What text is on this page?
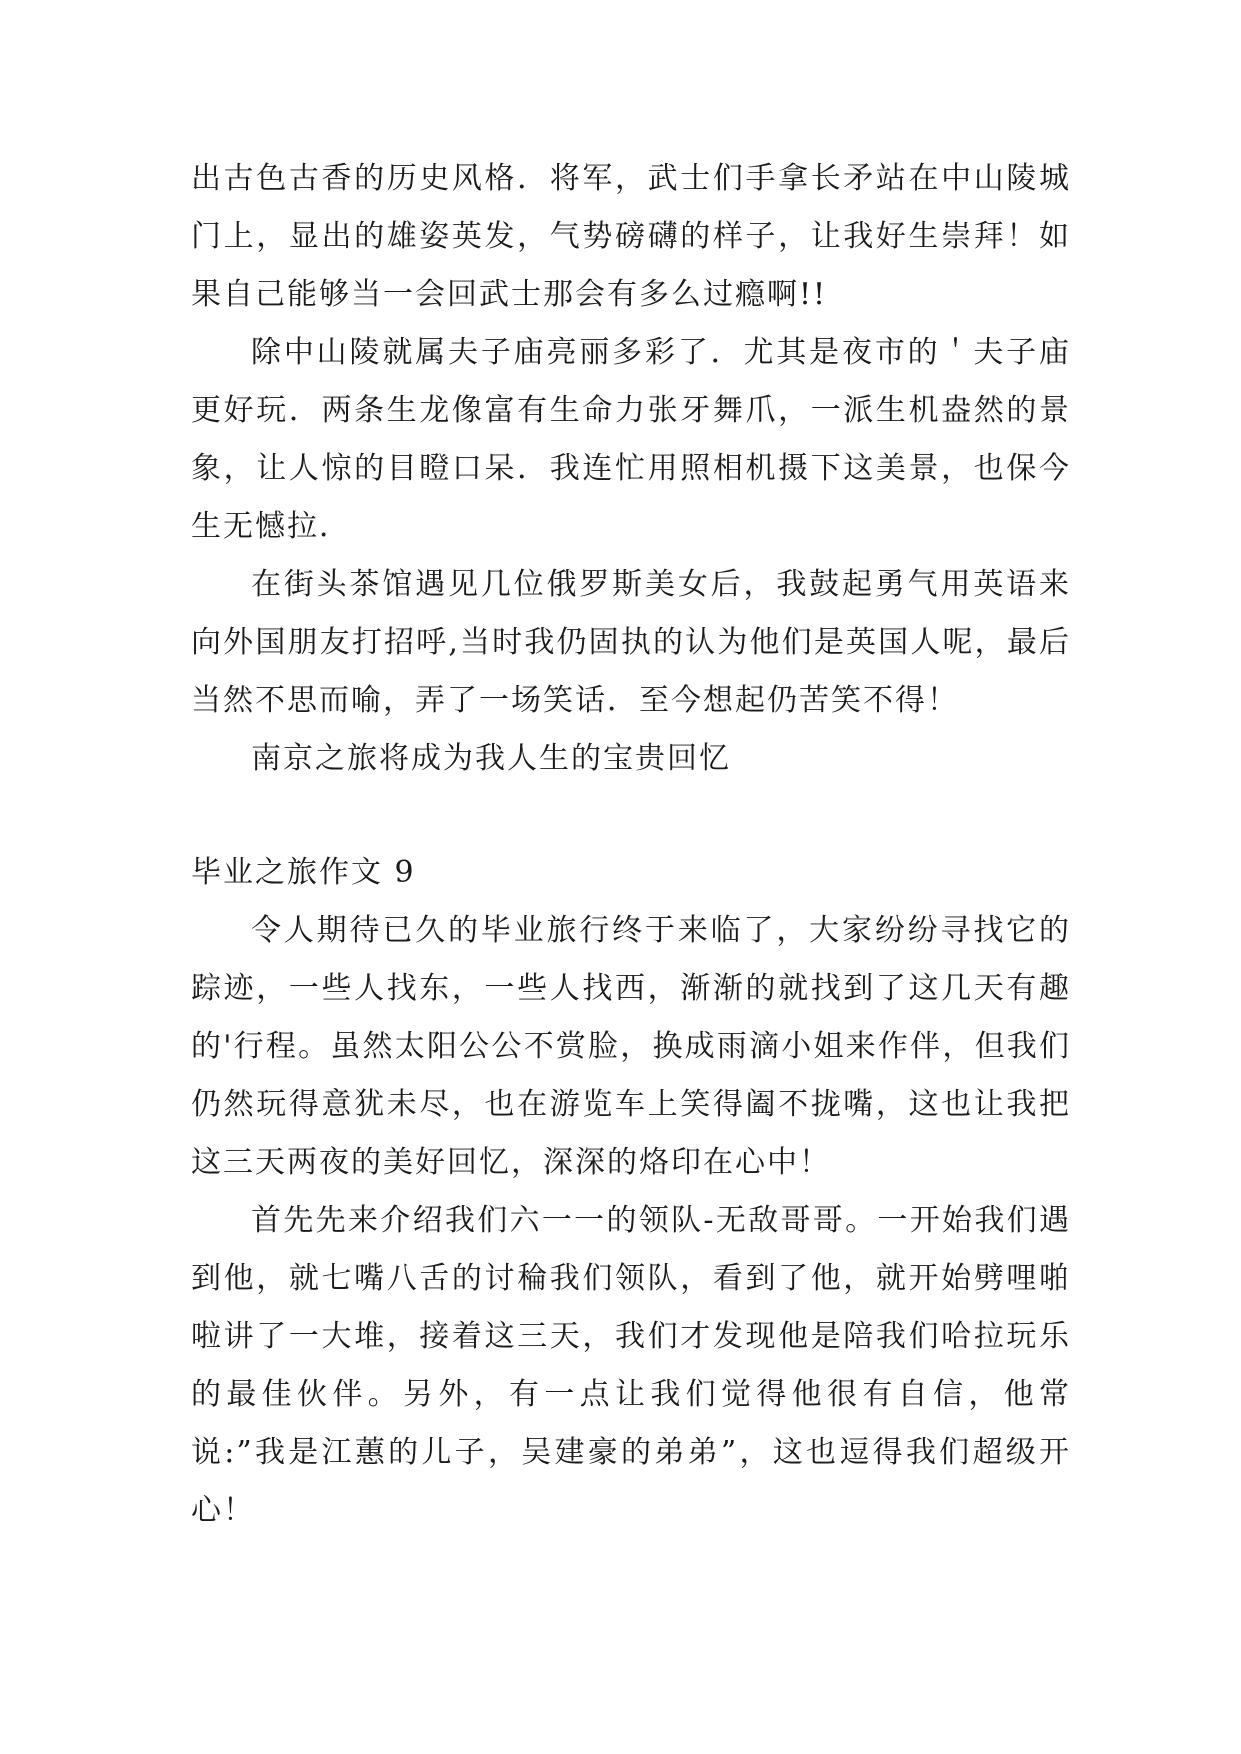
出古色古香的历史风格．将军，武士们手拿长矛站在中山陵城门上，显出的雄姿英发，气势磅礴的样子，让我好生崇拜！如果自己能够当一会回武士那会有多么过瘾啊!!

除中山陵就属夫子庙亮丽多彩了．尤其是夜市的＇夫子庙更好玩．两条生龙像富有生命力张牙舞爪，一派生机盎然的景象，让人惊的目瞪口呆．我连忙用照相机摄下这美景，也保今生无憾拉．

在街头茶馆遇见几位俄罗斯美女后，我鼓起勇气用英语来向外国朋友打招呼,当时我仍固执的认为他们是英国人呢，最后当然不思而喻，弄了一场笑话．至今想起仍苦笑不得！

南京之旅将成为我人生的宝贵回忆

毕业之旅作文 9

令人期待已久的毕业旅行终于来临了，大家纷纷寻找它的踪迹，一些人找东，一些人找西，渐渐的就找到了这几天有趣的'行程。虽然太阳公公不赏脸，换成雨滴小姐来作伴，但我们仍然玩得意犹未尽，也在游览车上笑得阖不拢嘴，这也让我把这三天两夜的美好回忆，深深的烙印在心中！

首先先来介绍我们六一一的领队-无敌哥哥。一开始我们遇到他，就七嘴八舌的讨稐我们领队，看到了他，就开始劈哩啪啦讲了一大堆，接着这三天，我们才发现他是陪我们哈拉玩乐的最佳伙伴。另外，有一点让我们觉得他很有自信，他常说:”我是江蕙的儿子，吴建豪的弟弟”，这也逗得我们超级开心！
